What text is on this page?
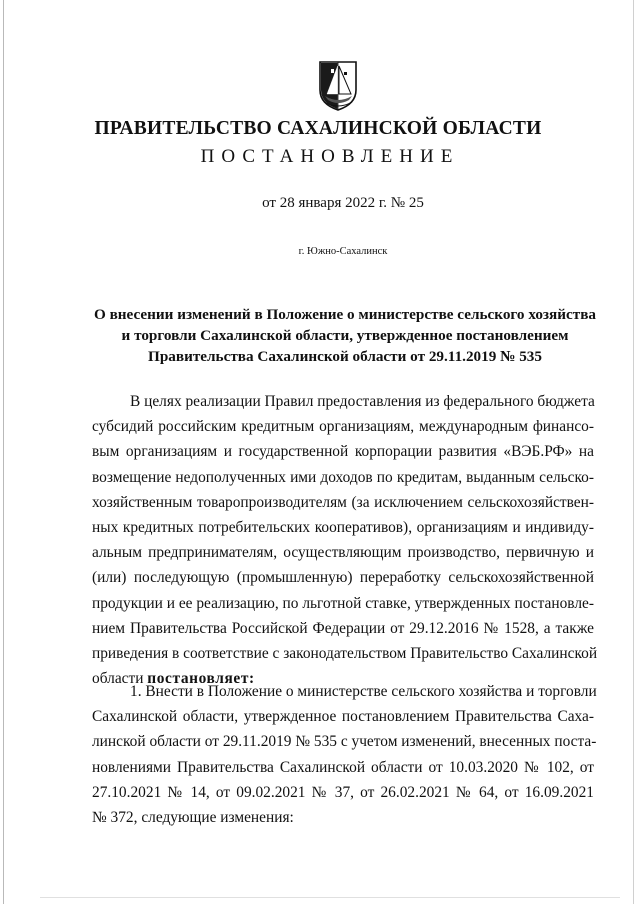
ПРАВИТЕЛЬСТВО САХАЛИНСКОЙ ОБЛАСТИ
ПОСТАНОВЛЕНИЕ
от 28 января 2022 г. № 25
г. Южно-Сахалинск
О внесении изменений в Положение о министерстве сельского хозяйства
и торговли Сахалинской области, утвержденное постановлением
Правительства Сахалинской области от 29.11.2019 № 535
В целях реализации Правил предоставления из федерального бюджета
субсидий российским кредитным организациям, международным финансо-
вым организациям и государственной корпорации развития «ВЭБ.РФ» на
возмещение недополученных ими доходов по кредитам, выданным сельско-
хозяйственным товаропроизводителям (за исключением сельскохозяйствен-
ных кредитных потребительских кооперативов), организациям и индивиду-
альным предпринимателям, осуществляющим производство, первичную и
(или) последующую (промышленную) переработку сельскохозяйственной
продукции и ее реализацию, по льготной ставке, утвержденных постановле-
нием Правительства Российской Федерации от 29.12.2016 № 1528, а также
приведения в соответствие с законодательством Правительство Сахалинской
области постановляет:
1. Внести в Положение о министерстве сельского хозяйства и торговли
Сахалинской области, утвержденное постановлением Правительства Саха-
линской области от 29.11.2019 № 535 с учетом изменений, внесенных поста-
новлениями Правительства Сахалинской области от 10.03.2020 № 102, от
27.10.2021 № 14, от 09.02.2021 № 37, от 26.02.2021 № 64, от 16.09.2021
№ 372, следующие изменения:
